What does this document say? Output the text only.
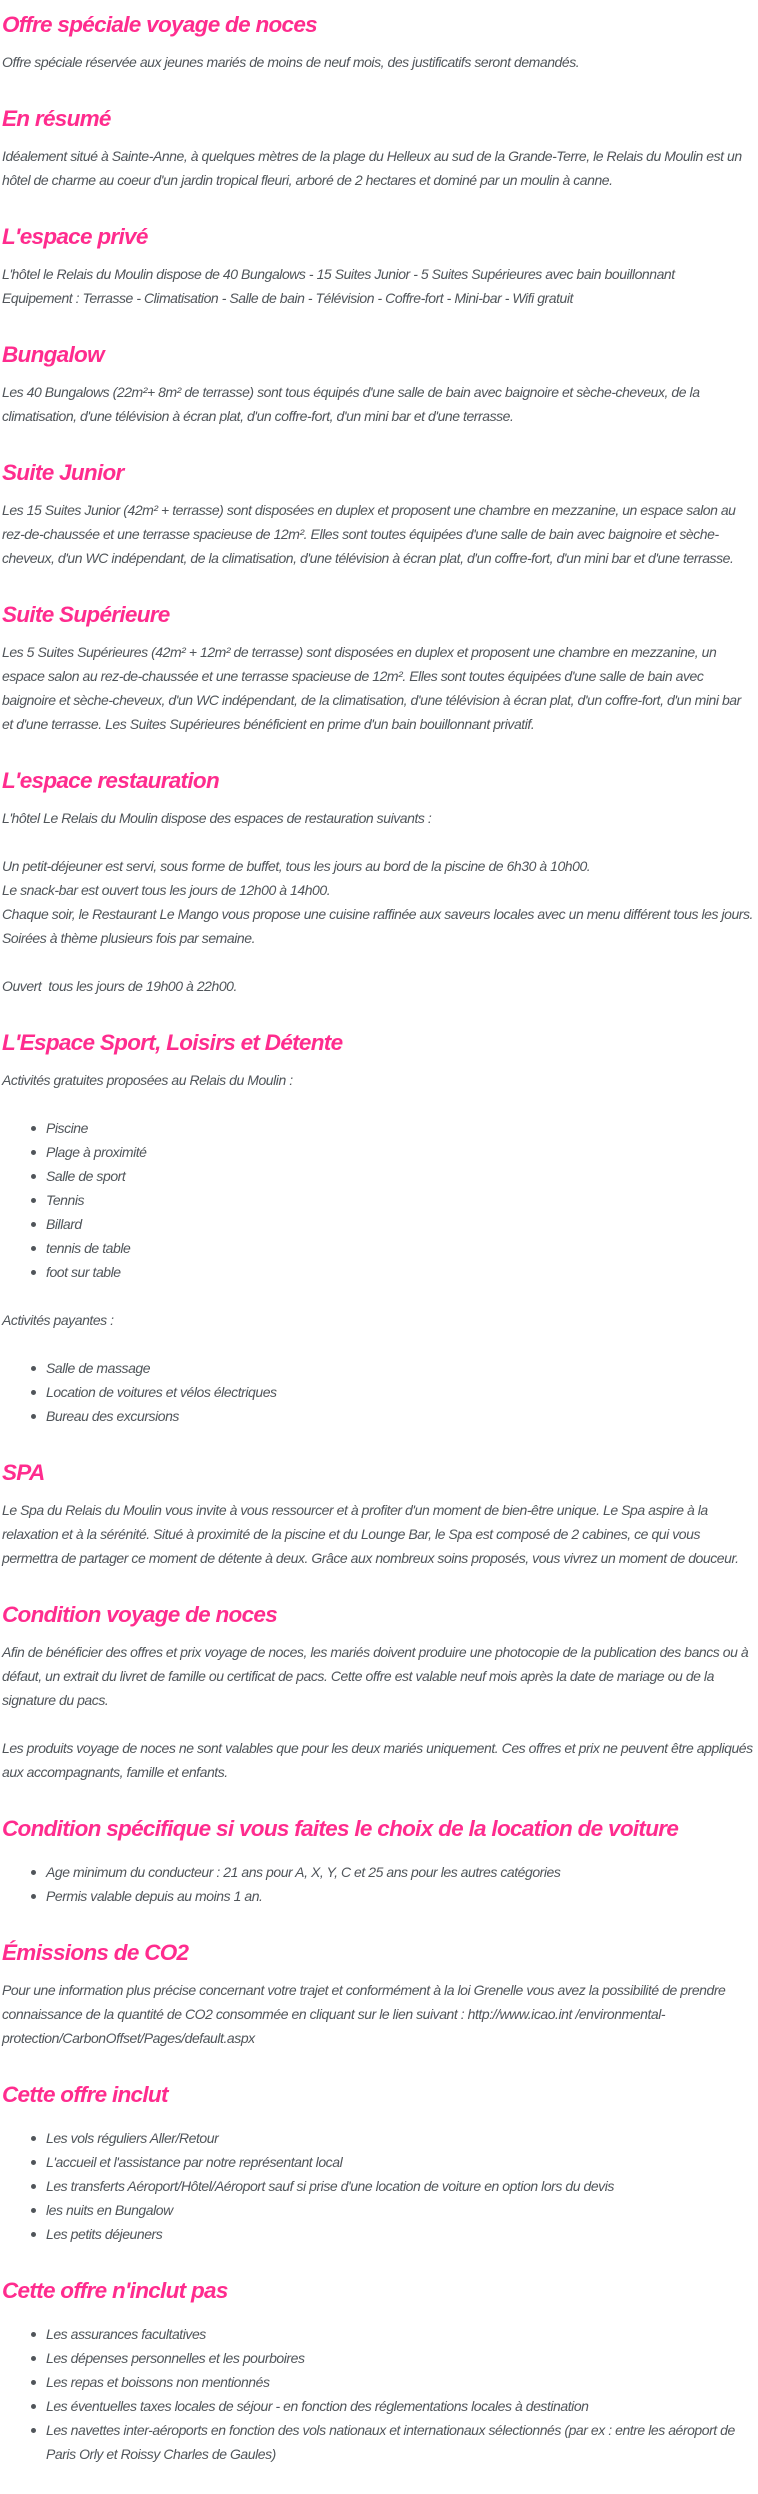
Offre spéciale voyage de noces

Offre spéciale réservée aux jeunes mariés de moins de neuf mois, des justificatifs seront demandés.

En résumé

Idéalement situé à Sainte-Anne, à quelques mètres de la plage du Helleux au sud de la Grande-Terre, le Relais du Moulin est un hôtel de charme au coeur d'un jardin tropical fleuri, arboré de 2 hectares et dominé par un moulin à canne.

L'espace privé
L'hôtel le Relais du Moulin dispose de 40 Bungalows - 15 Suites Junior - 5 Suites Supérieures avec bain bouillonnant
Equipement : Terrasse - Climatisation - Salle de bain - Télévision - Coffre-fort - Mini-bar - Wifi gratuit
Bungalow

Les 40 Bungalows (22m²+ 8m² de terrasse) sont tous équipés d'une salle de bain avec baignoire et sèche-cheveux, de la climatisation, d'une télévision à écran plat, d'un coffre-fort, d'un mini bar et d'une terrasse.

Suite Junior

Les 15 Suites Junior (42m² + terrasse) sont disposées en duplex et proposent une chambre en mezzanine, un espace salon au rez-de-chaussée et une terrasse spacieuse de 12m². Elles sont toutes équipées d'une salle de bain avec baignoire et sèche-cheveux, d'un WC indépendant, de la climatisation, d'une télévision à écran plat, d'un coffre-fort, d'un mini bar et d'une terrasse.

Suite Supérieure

Les 5 Suites Supérieures (42m² + 12m² de terrasse) sont disposées en duplex et proposent une chambre en mezzanine, un espace salon au rez-de-chaussée et une terrasse spacieuse de 12m². Elles sont toutes équipées d'une salle de bain avec baignoire et sèche-cheveux, d'un WC indépendant, de la climatisation, d'une télévision à écran plat, d'un coffre-fort, d'un mini bar et d'une terrasse. Les Suites Supérieures bénéficient en prime d'un bain bouillonnant privatif.

L'espace restauration

L'hôtel Le Relais du Moulin dispose des espaces de restauration suivants :

Un petit-déjeuner est servi, sous forme de buffet, tous les jours au bord de la piscine de 6h30 à 10h00.
Le snack-bar est ouvert tous les jours de 12h00 à 14h00.
Chaque soir, le Restaurant Le Mango vous propose une cuisine raffinée aux saveurs locales avec un menu différent tous les jours. Soirées à thème plusieurs fois par semaine.

Ouvert  tous les jours de 19h00 à 22h00.

L'Espace Sport, Loisirs et Détente

Activités gratuites proposées au Relais du Moulin :

Piscine
Plage à proximité
Salle de sport
Tennis
Billard
tennis de table
foot sur table

Activités payantes :

Salle de massage
Location de voitures et vélos électriques
Bureau des excursions
SPA

Le Spa du Relais du Moulin vous invite à vous ressourcer et à profiter d'un moment de bien-être unique. Le Spa aspire à la relaxation et à la sérénité. Situé à proximité de la piscine et du Lounge Bar, le Spa est composé de 2 cabines, ce qui vous permettra de partager ce moment de détente à deux. Grâce aux nombreux soins proposés, vous vivrez un moment de douceur.

Condition voyage de noces

Afin de bénéficier des offres et prix voyage de noces, les mariés doivent produire une photocopie de la publication des bancs ou à défaut, un extrait du livret de famille ou certificat de pacs. Cette offre est valable neuf mois après la date de mariage ou de la signature du pacs.

Les produits voyage de noces ne sont valables que pour les deux mariés uniquement. Ces offres et prix ne peuvent être appliqués aux accompagnants, famille et enfants.

Condition spécifique si vous faites le choix de la location de voiture
Age minimum du conducteur : 21 ans pour A, X, Y, C et 25 ans pour les autres catégories
Permis valable depuis au moins 1 an.
Émissions de CO2

Pour une information plus précise concernant votre trajet et conformément à la loi Grenelle vous avez la possibilité de prendre connaissance de la quantité de CO2 consommée en cliquant sur le lien suivant : http://www.icao.int /environmental-protection/CarbonOffset/Pages/default.aspx

Cette offre inclut
Les vols réguliers Aller/Retour
L'accueil et l'assistance par notre représentant local
Les transferts Aéroport/Hôtel/Aéroport sauf si prise d'une location de voiture en option lors du devis
les nuits en Bungalow
Les petits déjeuners
Cette offre n'inclut pas
Les assurances facultatives
Les dépenses personnelles et les pourboires
Les repas et boissons non mentionnés
Les éventuelles taxes locales de séjour - en fonction des réglementations locales à destination
Les navettes inter-aéroports en fonction des vols nationaux et internationaux sélectionnés (par ex : entre les aéroport de Paris Orly et Roissy Charles de Gaules)
